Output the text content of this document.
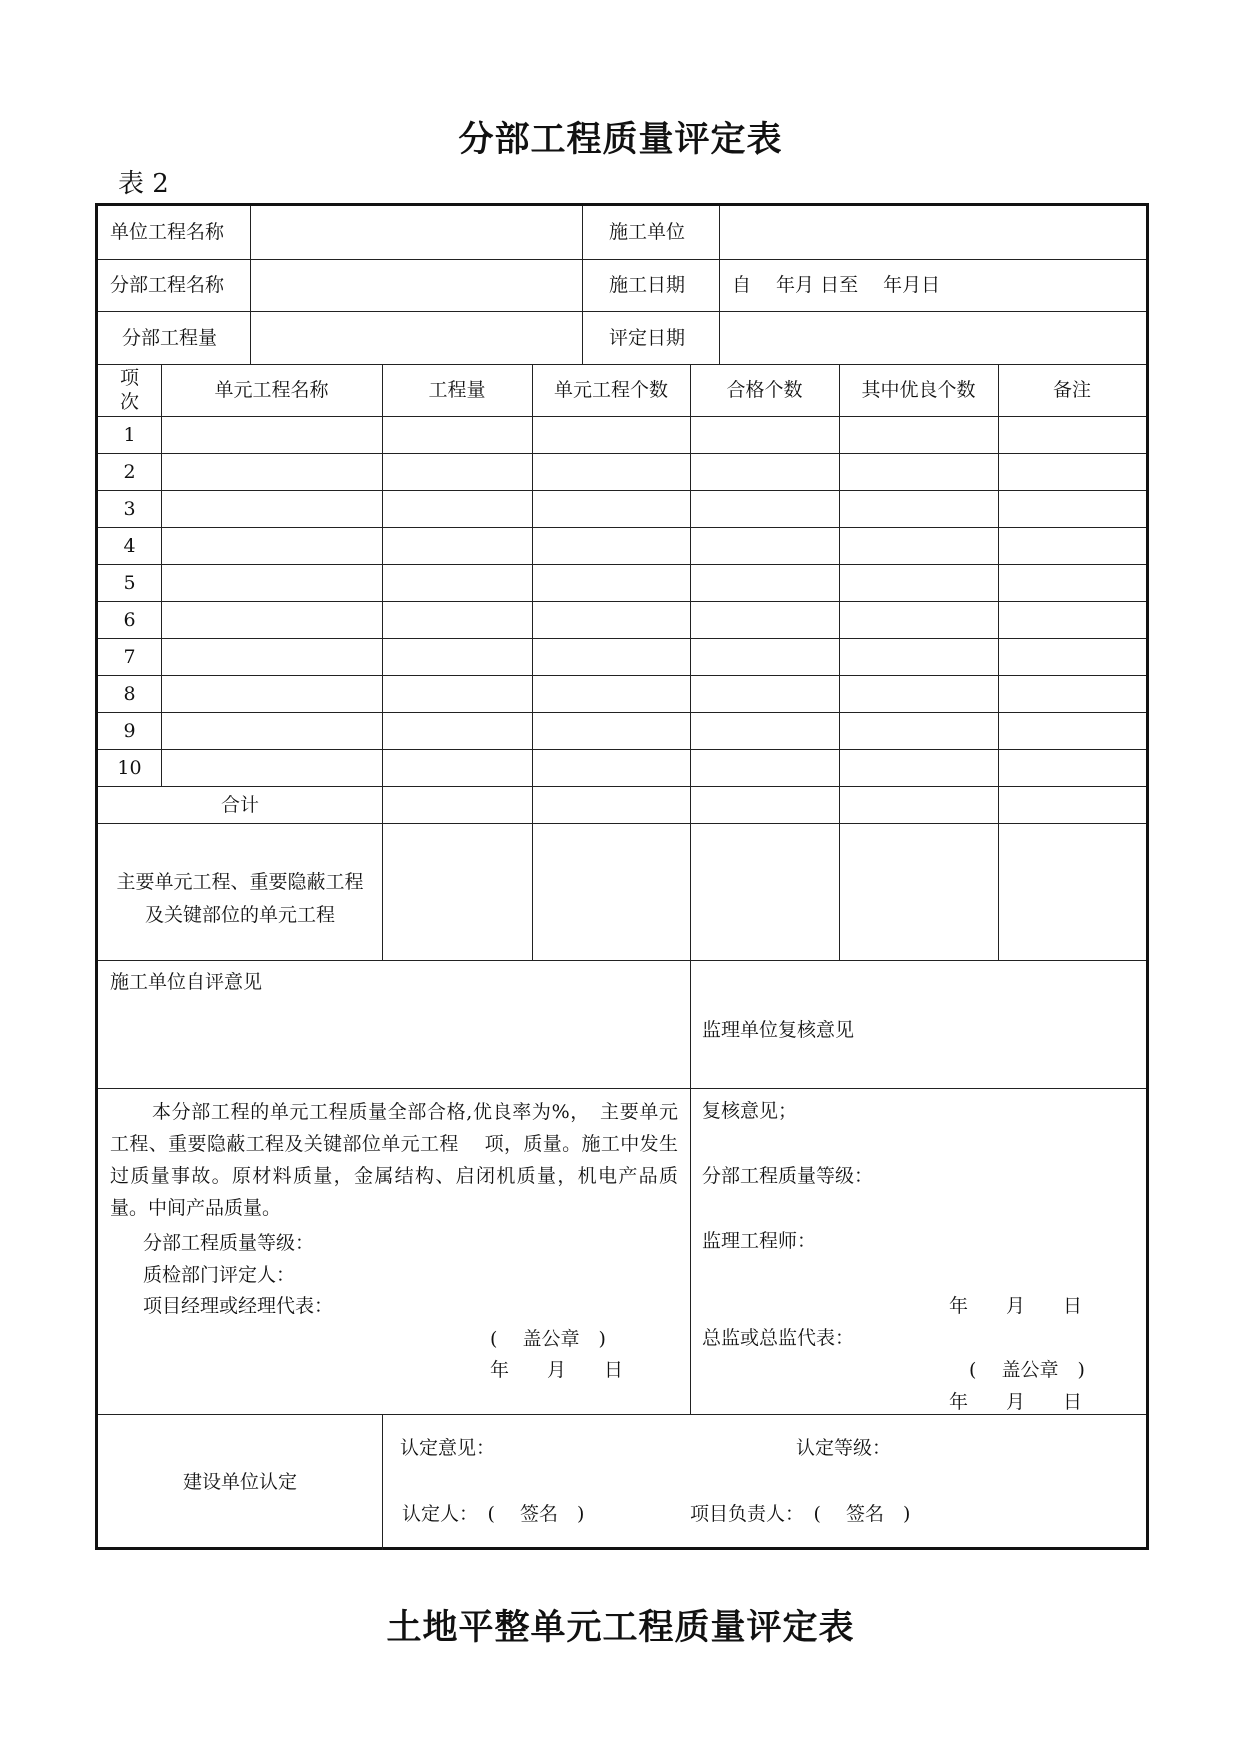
分部工程质量评定表
表 2
单位工程名称	施工单位
分部工程名称	施工日期 自　 年月 日至　 年月日
分部工程量	评定日期
项
次
单元工程名称	工程量	单元工程个数	合格个数	其中优良个数	备注
1
2
3
4
5
6
7
8
9
10
合计
主要单元工程、重要隐蔽工程
及关键部位的单元工程
施工单位自评意见
本分部工程的单元工程质量全部合格,优良率为%，　主要单元工程、重要隐蔽工程及关键部位单元工程　 项，质量。施工中发生过质量事故。原材料质量，金属结构、启闭机质量，机电产品质量。中间产品质量。
分部工程质量等级：
质检部门评定人：
项目经理或经理代表：
(　 盖公章　)
年　　月　　日
监理单位复核意见
复核意见；
分部工程质量等级：
监理工程师：
年　　月　　日
总监或总监代表：
(　 盖公章　)
年　　月　　日
建设单位认定
认定意见：	认定等级：
认定人：　(　 签名　)	项目负责人：　(　 签名　)
土地平整单元工程质量评定表
